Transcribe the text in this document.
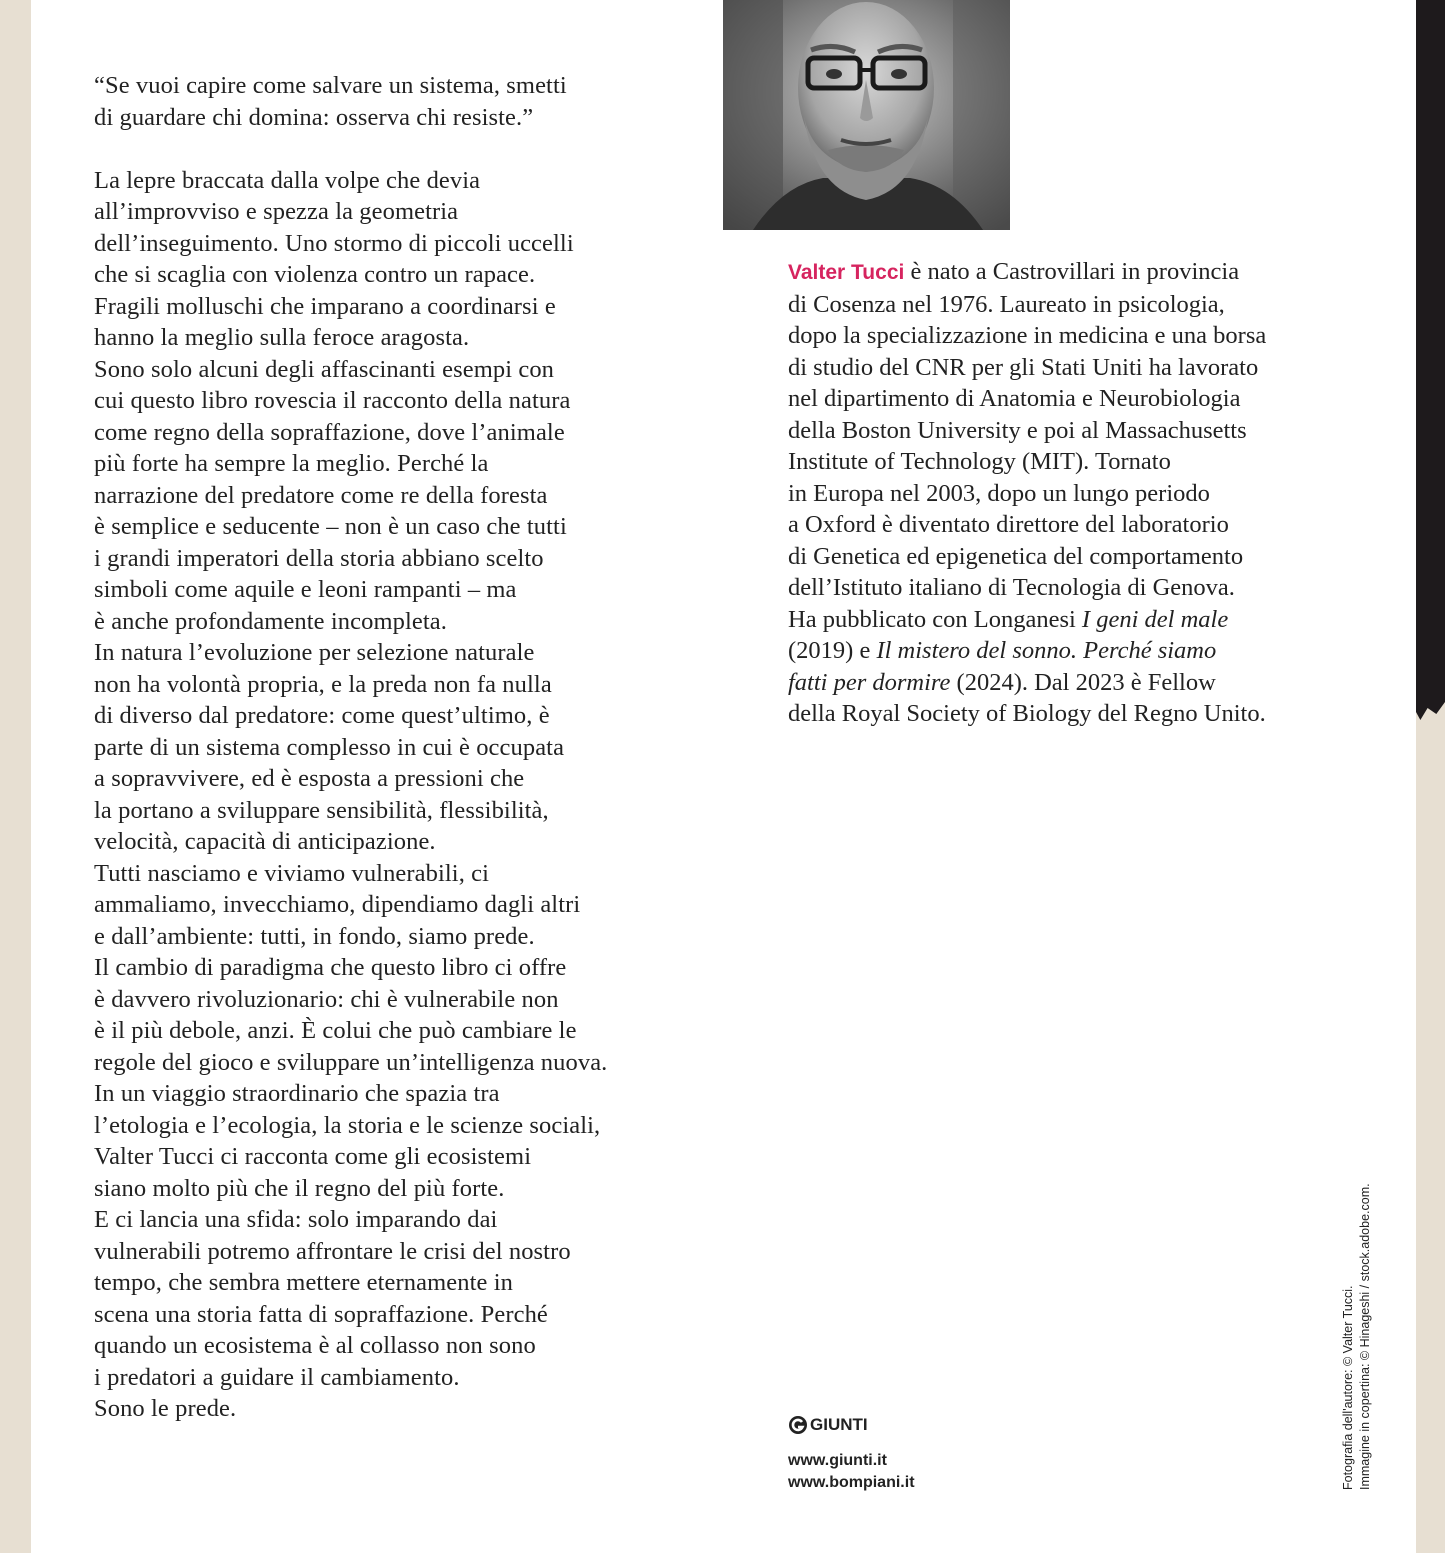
“Se vuoi capire come salvare un sistema, smetti
di guardare chi domina: osserva chi resiste.”

La lepre braccata dalla volpe che devia
all’improvviso e spezza la geometria
dell’inseguimento. Uno stormo di piccoli uccelli
che si scaglia con violenza contro un rapace.
Fragili molluschi che imparano a coordinarsi e
hanno la meglio sulla feroce aragosta.
Sono solo alcuni degli affascinanti esempi con
cui questo libro rovescia il racconto della natura
come regno della sopraffazione, dove l’animale
più forte ha sempre la meglio. Perché la
narrazione del predatore come re della foresta
è semplice e seducente – non è un caso che tutti
i grandi imperatori della storia abbiano scelto
simboli come aquile e leoni rampanti – ma
è anche profondamente incompleta.
In natura l’evoluzione per selezione naturale
non ha volontà propria, e la preda non fa nulla
di diverso dal predatore: come quest’ultimo, è
parte di un sistema complesso in cui è occupata
a sopravvivere, ed è esposta a pressioni che
la portano a sviluppare sensibilità, flessibilità,
velocità, capacità di anticipazione.
Tutti nasciamo e viviamo vulnerabili, ci
ammaliamo, invecchiamo, dipendiamo dagli altri
e dall’ambiente: tutti, in fondo, siamo prede.
Il cambio di paradigma che questo libro ci offre
è davvero rivoluzionario: chi è vulnerabile non
è il più debole, anzi. È colui che può cambiare le
regole del gioco e sviluppare un’intelligenza nuova.
In un viaggio straordinario che spazia tra
l’etologia e l’ecologia, la storia e le scienze sociali,
Valter Tucci ci racconta come gli ecosistemi
siano molto più che il regno del più forte.
E ci lancia una sfida: solo imparando dai
vulnerabili potremo affrontare le crisi del nostro
tempo, che sembra mettere eternamente in
scena una storia fatta di sopraffazione. Perché
quando un ecosistema è al collasso non sono
i predatori a guidare il cambiamento.
Sono le prede.

Valter Tucci è nato a Castrovillari in provincia
di Cosenza nel 1976. Laureato in psicologia,
dopo la specializzazione in medicina e una borsa
di studio del CNR per gli Stati Uniti ha lavorato
nel dipartimento di Anatomia e Neurobiologia
della Boston University e poi al Massachusetts
Institute of Technology (MIT). Tornato
in Europa nel 2003, dopo un lungo periodo
a Oxford è diventato direttore del laboratorio
di Genetica ed epigenetica del comportamento
dell’Istituto italiano di Tecnologia di Genova.
Ha pubblicato con Longanesi I geni del male
(2019) e Il mistero del sonno. Perché siamo
fatti per dormire (2024). Dal 2023 è Fellow
della Royal Society of Biology del Regno Unito.
GIUNTI
www.giunti.it
www.bompiani.it	Fotografia dell'autore: © Valter Tucci. Immagine in copertina: © Hinageshi / stock.adobe.com.
